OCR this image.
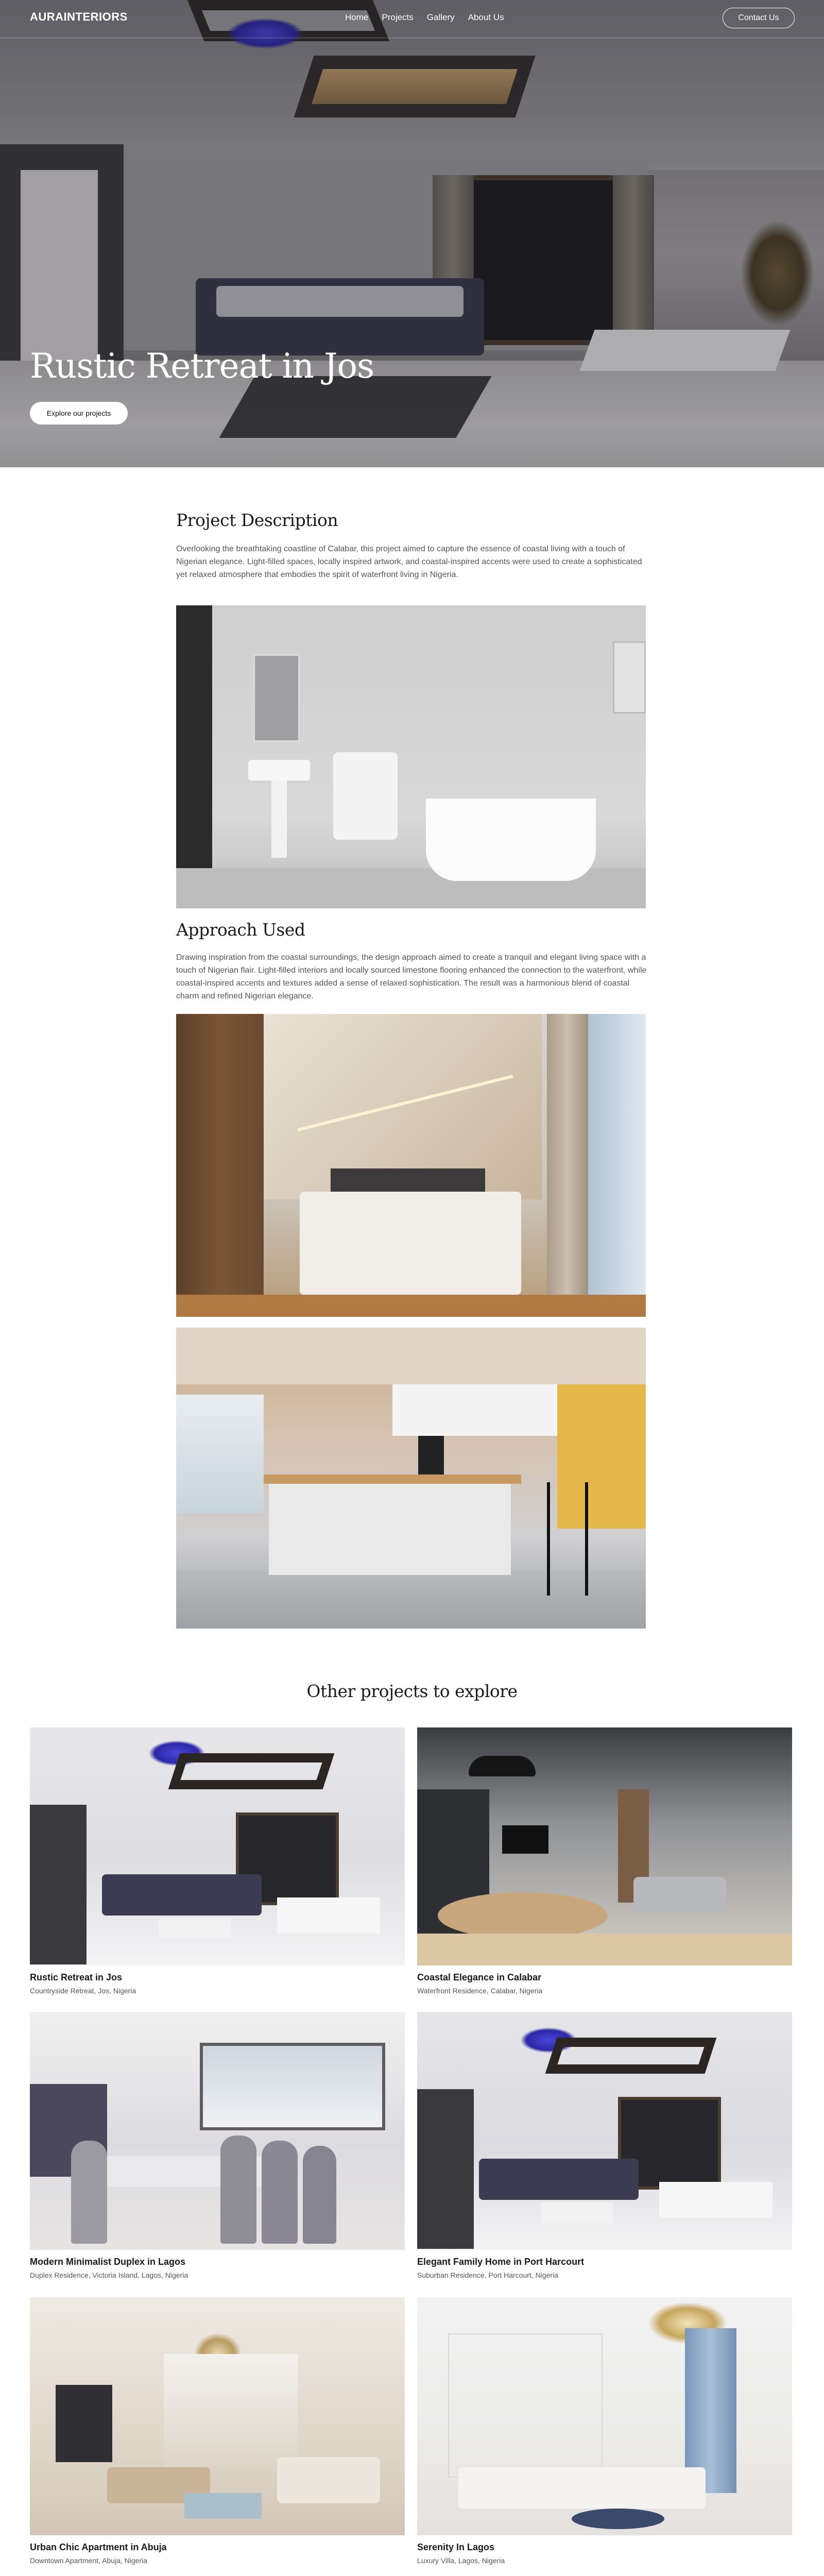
AURAINTERIORS	Home Projects Gallery About Us	Contact Us
Rustic Retreat in Jos
Explore our projects
Project Description

Overlooking the breathtaking coastline of Calabar, this project aimed to capture the essence of coastal living with a touch of Nigerian elegance. Light-filled spaces, locally inspired artwork, and coastal-inspired accents were used to create a sophisticated yet relaxed atmosphere that embodies the spirit of waterfront living in Nigeria.

Approach Used

Drawing inspiration from the coastal surroundings, the design approach aimed to create a tranquil and elegant living space with a touch of Nigerian flair. Light-filled interiors and locally sourced limestone flooring enhanced the connection to the waterfront, while coastal-inspired accents and textures added a sense of relaxed sophistication. The result was a harmonious blend of coastal charm and refined Nigerian elegance.

Other projects to explore
Rustic Retreat in Jos
Countryside Retreat, Jos, Nigeria
Coastal Elegance in Calabar
Waterfront Residence, Calabar, Nigeria
Modern Minimalist Duplex in Lagos
Duplex Residence, Victoria Island, Lagos, Nigeria
Elegant Family Home in Port Harcourt
Suburban Residence, Port Harcourt, Nigeria
Urban Chic Apartment in Abuja
Downtown Apartment, Abuja, Nigeria
Serenity In Lagos
Luxury Villa, Lagos, Nigeria
